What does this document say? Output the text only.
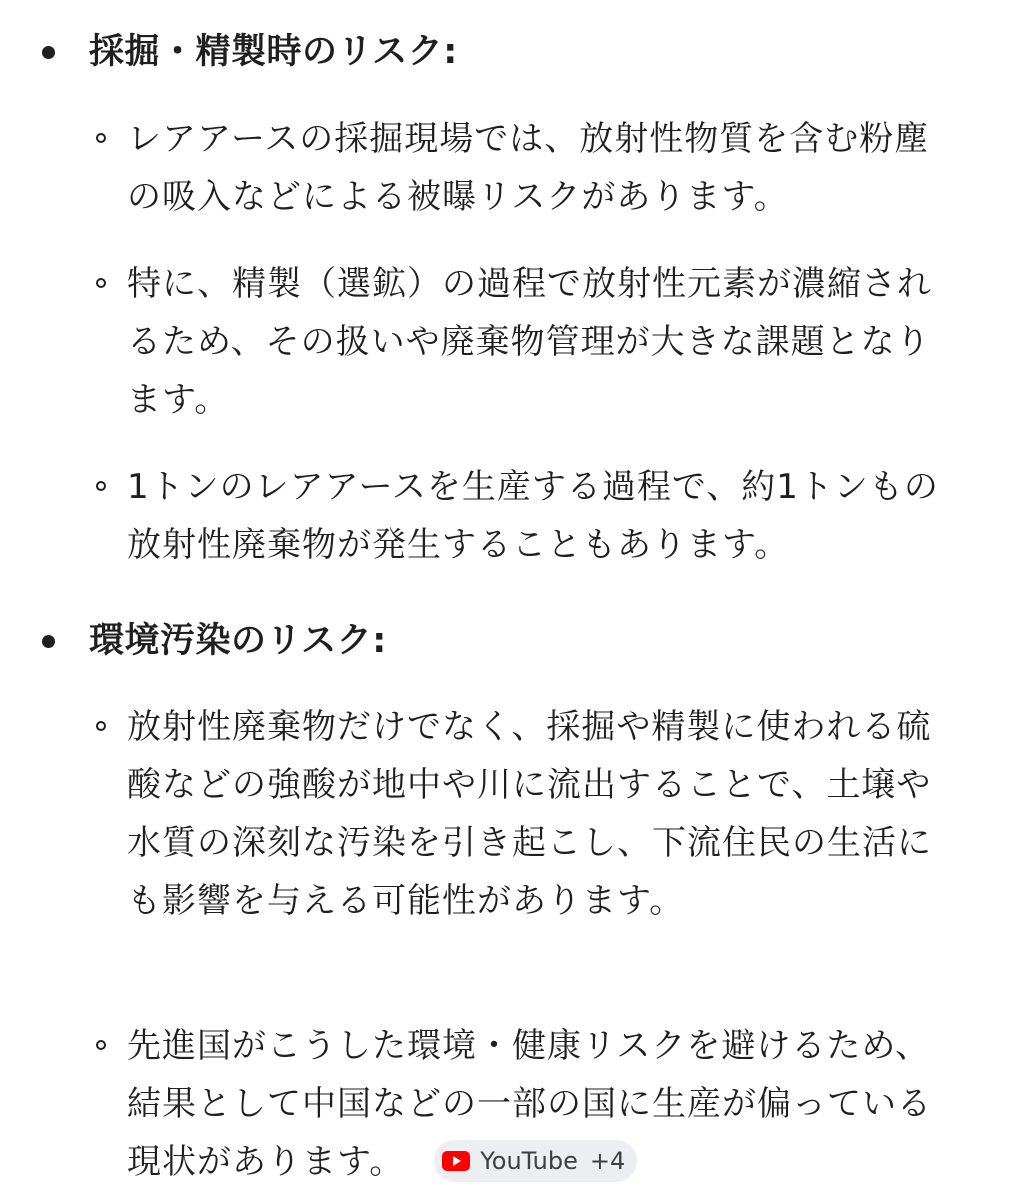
採掘・精製時のリスク:
レアアースの採掘現場では、放射性物質を含む粉塵の吸入などによる被曝リスクがあります。
特に、精製（選鉱）の過程で放射性元素が濃縮されるため、その扱いや廃棄物管理が大きな課題となります。
1トンのレアアースを生産する過程で、約1トンもの放射性廃棄物が発生することもあります。
環境汚染のリスク:
放射性廃棄物だけでなく、採掘や精製に使われる硫酸などの強酸が地中や川に流出することで、土壌や水質の深刻な汚染を引き起こし、下流住民の生活にも影響を与える可能性があります。
先進国がこうした環境・健康リスクを避けるため、結果として中国などの一部の国に生産が偏っている現状があります。	YouTube +4
